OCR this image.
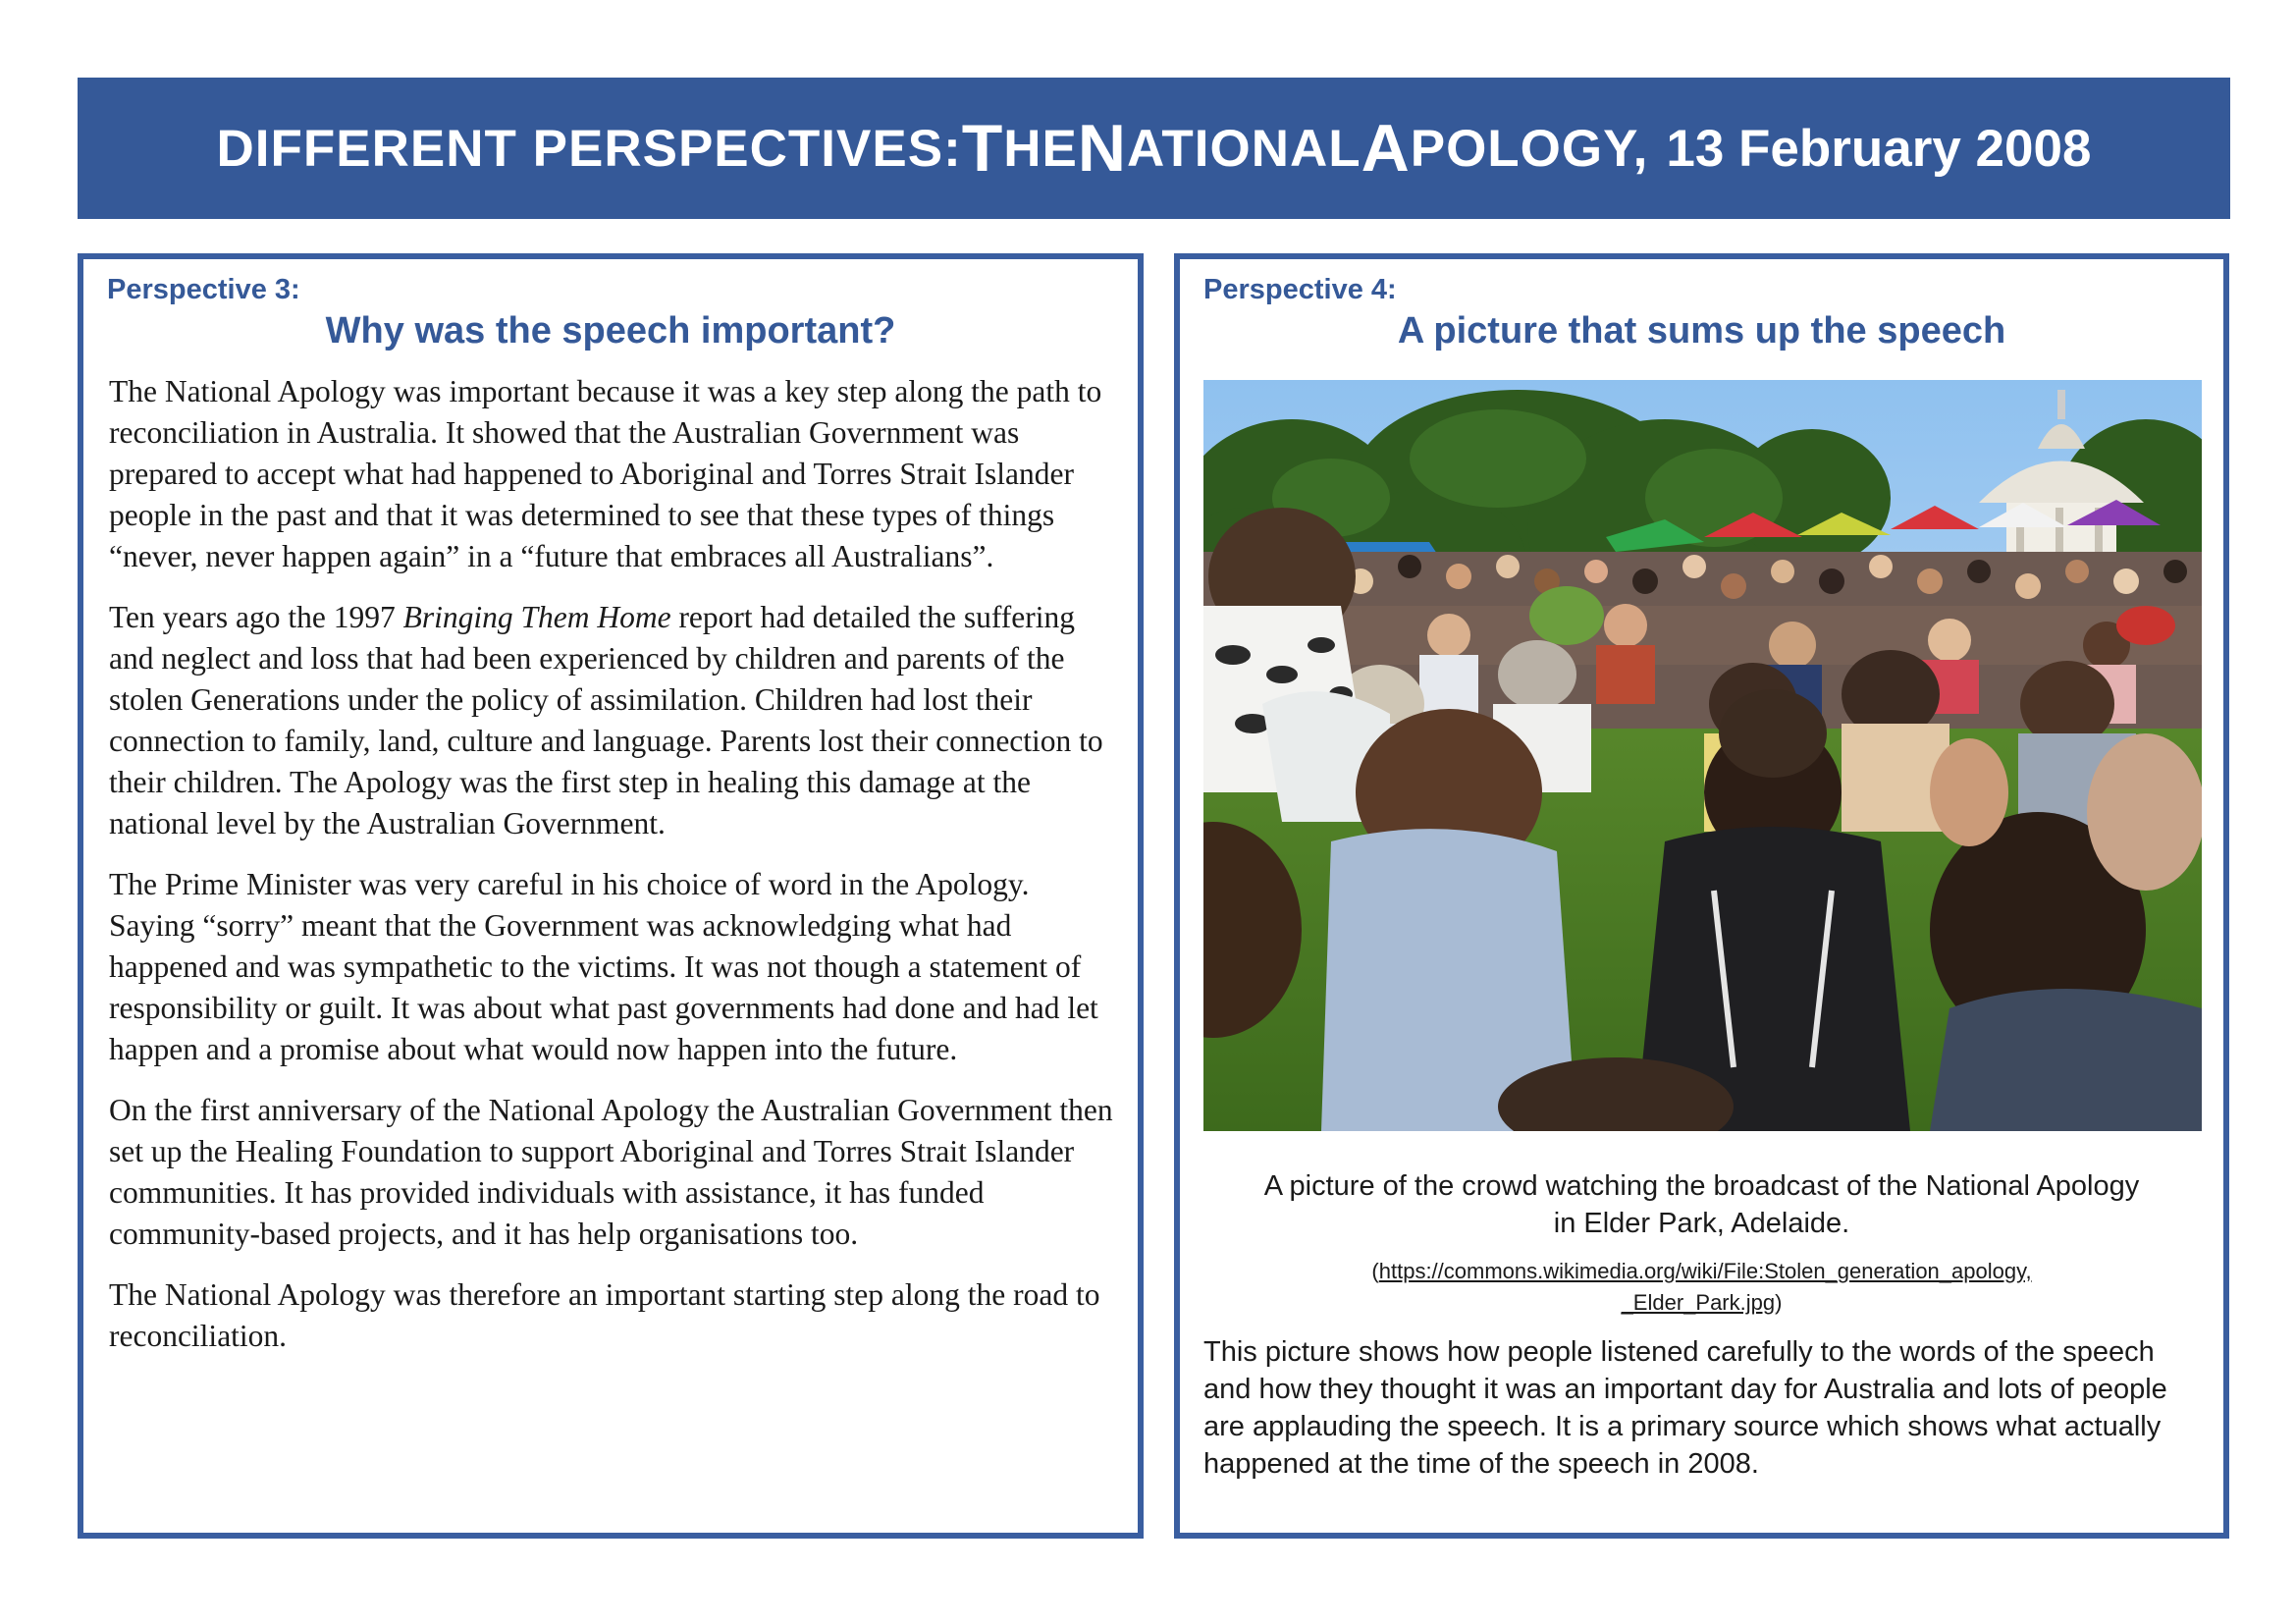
DIFFERENT PERSPECTIVES: T HE N ATIONAL A POLOGY, 13 February 2008
Perspective 3:
Why was the speech important?

The National Apology was important because it was a key step along the path to reconciliation in Australia. It showed that the Australian Government was prepared to accept what had happened to Aboriginal and Torres Strait Islander people in the past and that it was determined to see that these types of things “never, never happen again” in a “future that embraces all Australians”.

Ten years ago the 1997 Bringing Them Home report had detailed the suffering and neglect and loss that had been experienced by children and parents of the stolen Generations under the policy of assimilation. Children had lost their connection to family, land, culture and language. Parents lost their connection to their children. The Apology was the first step in healing this damage at the national level by the Australian Government.

The Prime Minister was very careful in his choice of word in the Apology. Saying “sorry” meant that the Government was acknowledging what had happened and was sympathetic to the victims. It was not though a statement of responsibility or guilt. It was about what past governments had done and had let happen and a promise about what would now happen into the future.

On the first anniversary of the National Apology the Australian Government then set up the Healing Foundation to support Aboriginal and Torres Strait Islander communities. It has provided individuals with assistance, it has funded community-based projects, and it has help organisations too.

The National Apology was therefore an important starting step along the road to reconciliation.

Perspective 4:
A picture that sums up the speech
A picture of the crowd watching the broadcast of the National Apology
in Elder Park, Adelaide.
(https://commons.wikimedia.org/wiki/File:Stolen_generation_apology,
_Elder_Park.jpg)
This picture shows how people listened carefully to the words of the speech and how they thought it was an important day for Australia and lots of people are applauding the speech. It is a primary source which shows what actually happened at the time of the speech in 2008.
